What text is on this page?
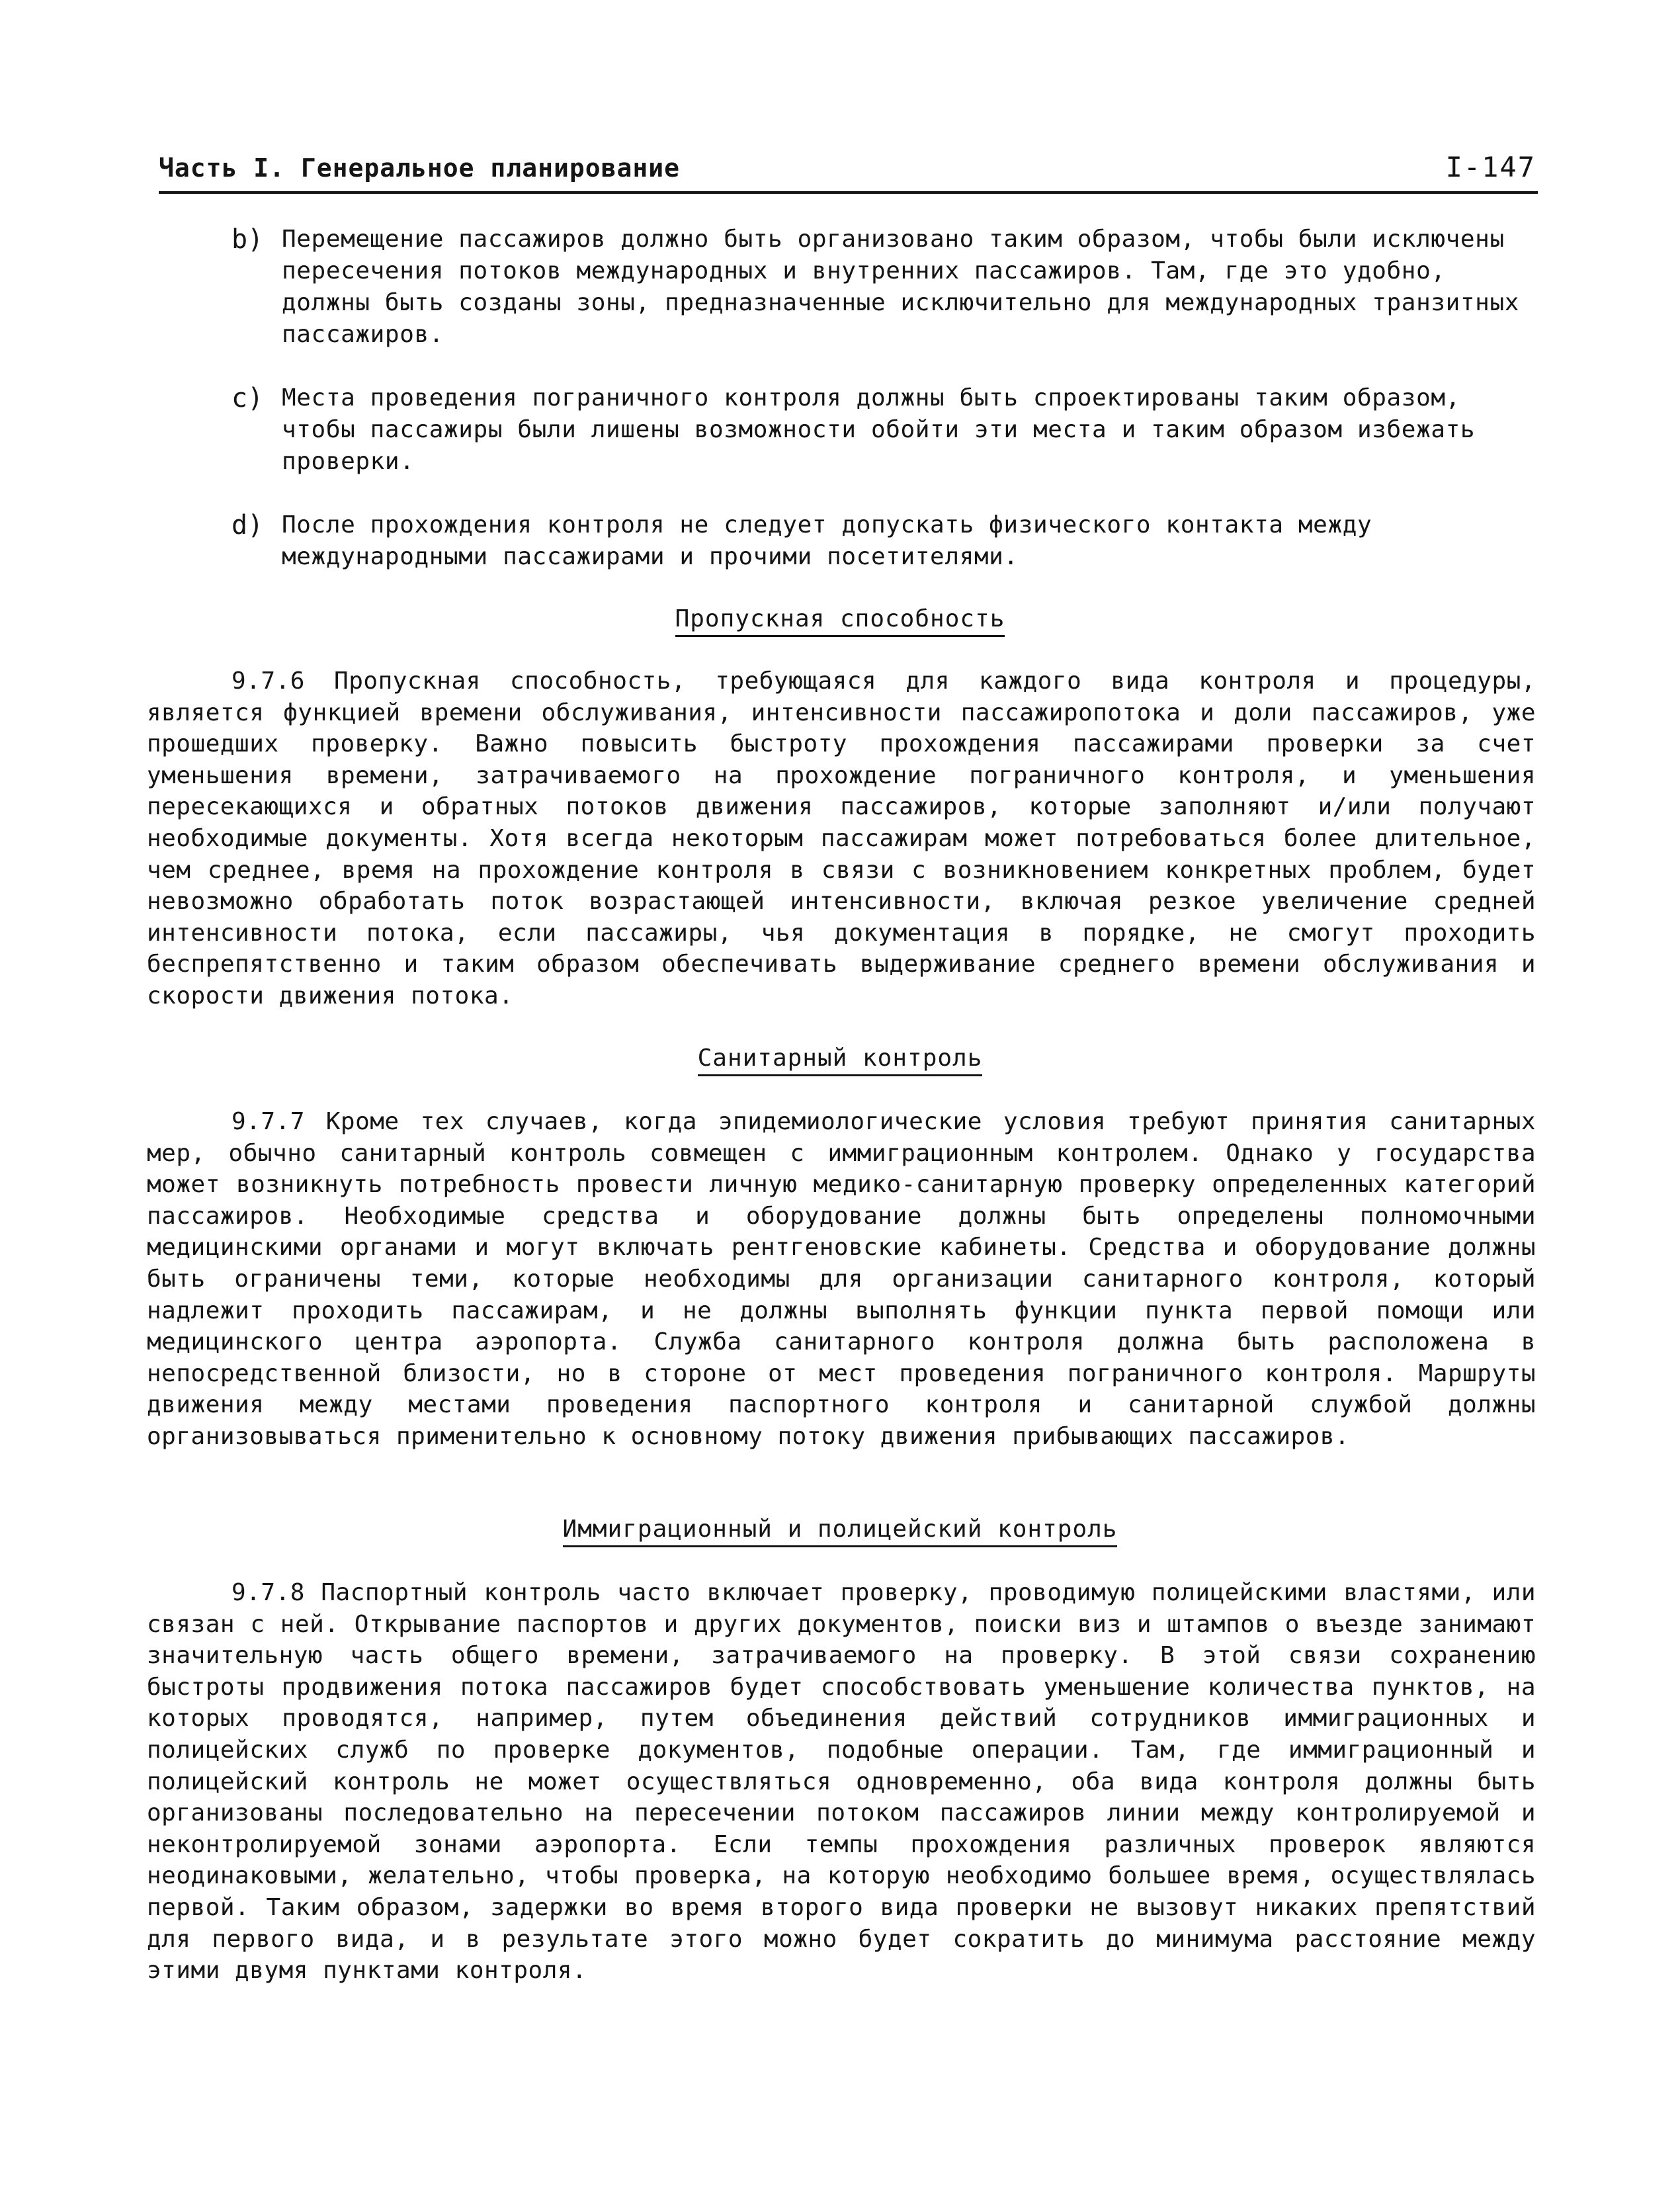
Часть I. Генеральное планирование	I-147
b) Перемещение пассажиров должно быть организовано таким образом, чтобы были исключены пересечения потоков международных и внутренних пассажиров. Там, где это удобно, должны быть созданы зоны, предназначенные исключительно для международных транзитных пассажиров.
c) Места проведения пограничного контроля должны быть спроектированы таким образом, чтобы пассажиры были лишены возможности обойти эти места и таким образом избежать проверки.
d) После прохождения контроля не следует допускать физического контакта между международными пассажирами и прочими посетителями.
Пропускная способность
9.7.6 Пропускная способность, требующаяся для каждого вида контроля и процедуры, является функцией времени обслуживания, интенсивности пассажиропотока и доли пассажиров, уже прошедших проверку. Важно повысить быстроту прохождения пассажирами проверки за счет уменьшения времени, затрачиваемого на прохождение пограничного контроля, и уменьшения пересекающихся и обратных потоков движения пассажиров, которые заполняют и/или получают необходимые документы. Хотя всегда некоторым пассажирам может потребоваться более длительное, чем среднее, время на прохождение контроля в связи с возникновением конкретных проблем, будет невозможно обработать поток возрастающей интенсивности, включая резкое увеличение средней интенсивности потока, если пассажиры, чья документация в порядке, не смогут проходить беспрепятственно и таким образом обеспечивать выдерживание среднего времени обслуживания и скорости движения потока.
Санитарный контроль
9.7.7 Кроме тех случаев, когда эпидемиологические условия требуют принятия санитарных мер, обычно санитарный контроль совмещен с иммиграционным контролем. Однако у государства может возникнуть потребность провести личную медико-санитарную проверку определенных категорий пассажиров. Необходимые средства и оборудование должны быть определены полномочными медицинскими органами и могут включать рентгеновские кабинеты. Средства и оборудование должны быть ограничены теми, которые необходимы для организации санитарного контроля, который надлежит проходить пассажирам, и не должны выполнять функции пункта первой помощи или медицинского центра аэропорта. Служба санитарного контроля должна быть расположена в непосредственной близости, но в стороне от мест проведения пограничного контроля. Маршруты движения между местами проведения паспортного контроля и санитарной службой должны организовываться применительно к основному потоку движения прибывающих пассажиров.
Иммиграционный и полицейский контроль
9.7.8 Паспортный контроль часто включает проверку, проводимую полицейскими властями, или связан с ней. Открывание паспортов и других документов, поиски виз и штампов о въезде занимают значительную часть общего времени, затрачиваемого на проверку. В этой связи сохранению быстроты продвижения потока пассажиров будет способствовать уменьшение количества пунктов, на которых проводятся, например, путем объединения действий сотрудников иммиграционных и полицейских служб по проверке документов, подобные операции. Там, где иммиграционный и полицейский контроль не может осуществляться одновременно, оба вида контроля должны быть организованы последовательно на пересечении потоком пассажиров линии между контролируемой и неконтролируемой зонами аэропорта. Если темпы прохождения различных проверок являются неодинаковыми, желательно, чтобы проверка, на которую необходимо большее время, осуществлялась первой. Таким образом, задержки во время второго вида проверки не вызовут никаких препятствий для первого вида, и в результате этого можно будет сократить до минимума расстояние между этими двумя пунктами контроля.
